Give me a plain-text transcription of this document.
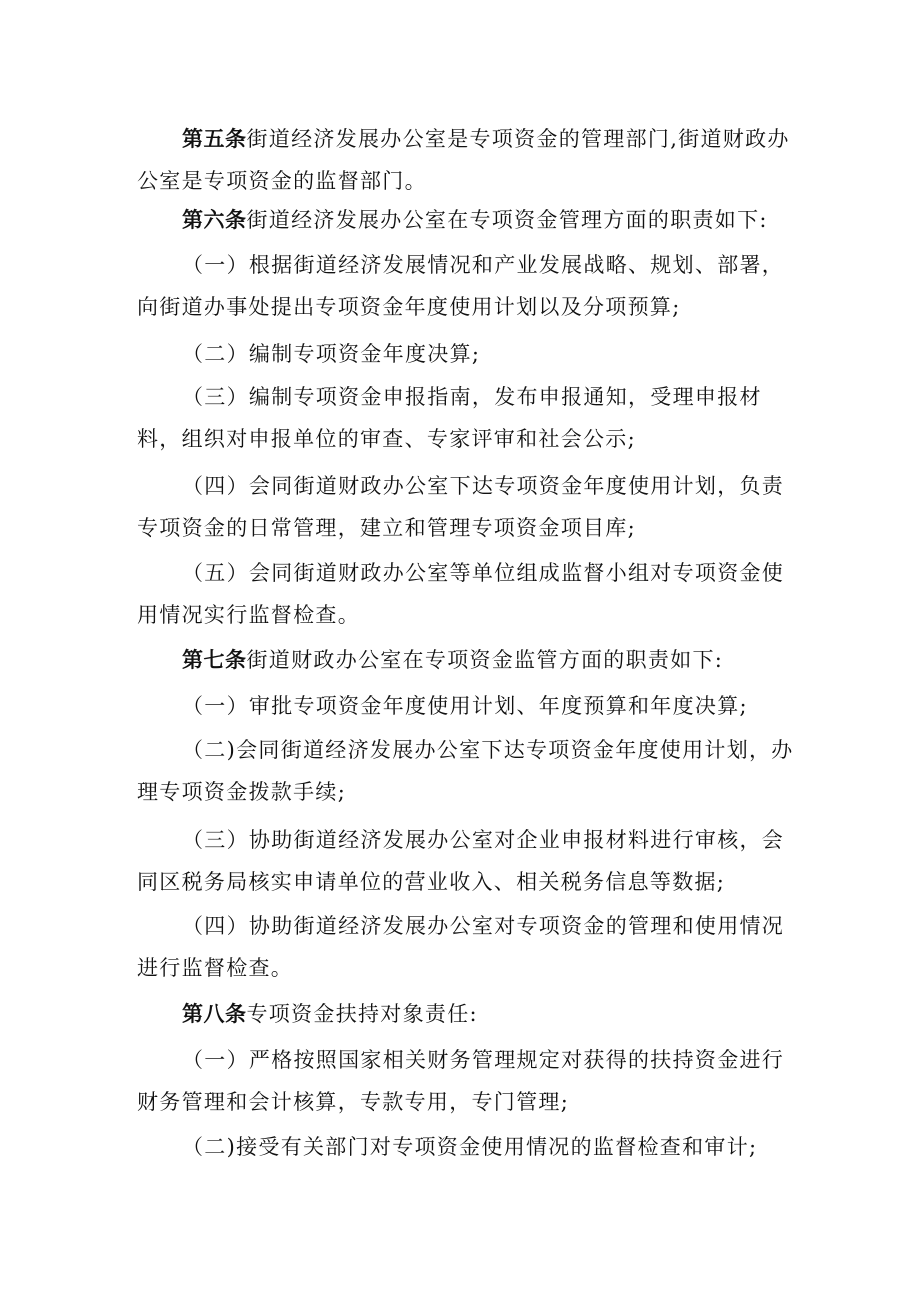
第五条街道经济发展办公室是专项资金的管理部门,街道财政办公室是专项资金的监督部门。

第六条街道经济发展办公室在专项资金管理方面的职责如下:

（一）根据街道经济发展情况和产业发展战略、规划、部署，向街道办事处提出专项资金年度使用计划以及分项预算;

（二）编制专项资金年度决算;

（三）编制专项资金申报指南，发布申报通知，受理申报材料，组织对申报单位的审查、专家评审和社会公示;

（四）会同街道财政办公室下达专项资金年度使用计划，负责专项资金的日常管理，建立和管理专项资金项目库;

（五）会同街道财政办公室等单位组成监督小组对专项资金使用情况实行监督检查。

第七条街道财政办公室在专项资金监管方面的职责如下:

（一）审批专项资金年度使用计划、年度预算和年度决算;

（二)会同街道经济发展办公室下达专项资金年度使用计划，办理专项资金拨款手续;

（三）协助街道经济发展办公室对企业申报材料进行审核，会同区税务局核实申请单位的营业收入、相关税务信息等数据;

（四）协助街道经济发展办公室对专项资金的管理和使用情况进行监督检查。

第八条专项资金扶持对象责任:

（一）严格按照国家相关财务管理规定对获得的扶持资金进行财务管理和会计核算，专款专用，专门管理;

（二)接受有关部门对专项资金使用情况的监督检查和审计;
